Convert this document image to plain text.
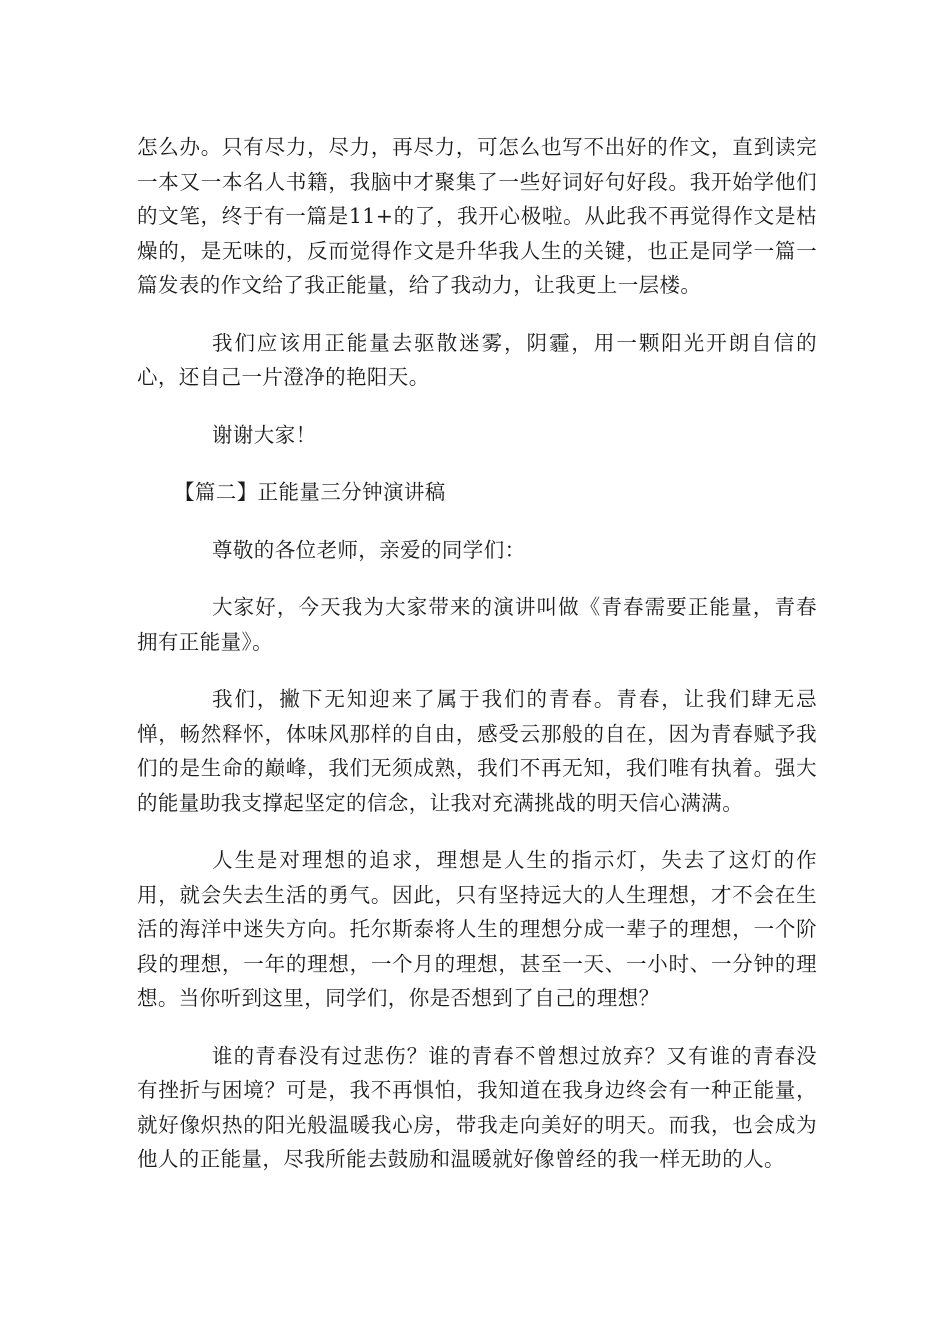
怎么办。只有尽力，尽力，再尽力，可怎么也写不出好的作文，直到读完一本又一本名人书籍，我脑中才聚集了一些好词好句好段。我开始学他们的文笔，终于有一篇是11+的了，我开心极啦。从此我不再觉得作文是枯燥的，是无味的，反而觉得作文是升华我人生的关键，也正是同学一篇一篇发表的作文给了我正能量，给了我动力，让我更上一层楼。

我们应该用正能量去驱散迷雾，阴霾，用一颗阳光开朗自信的心，还自己一片澄净的艳阳天。

谢谢大家！

【篇二】正能量三分钟演讲稿

尊敬的各位老师，亲爱的同学们：

大家好，今天我为大家带来的演讲叫做《青春需要正能量，青春拥有正能量》。

我们，撇下无知迎来了属于我们的青春。青春，让我们肆无忌惮，畅然释怀，体味风那样的自由，感受云那般的自在，因为青春赋予我们的是生命的巅峰，我们无须成熟，我们不再无知，我们唯有执着。强大的能量助我支撑起坚定的信念，让我对充满挑战的明天信心满满。

人生是对理想的追求，理想是人生的指示灯，失去了这灯的作用，就会失去生活的勇气。因此，只有坚持远大的人生理想，才不会在生活的海洋中迷失方向。托尔斯泰将人生的理想分成一辈子的理想，一个阶段的理想，一年的理想，一个月的理想，甚至一天、一小时、一分钟的理想。当你听到这里，同学们，你是否想到了自己的理想？

谁的青春没有过悲伤？谁的青春不曾想过放弃？又有谁的青春没有挫折与困境？可是，我不再惧怕，我知道在我身边终会有一种正能量，就好像炽热的阳光般温暖我心房，带我走向美好的明天。而我，也会成为他人的正能量，尽我所能去鼓励和温暖就好像曾经的我一样无助的人。
